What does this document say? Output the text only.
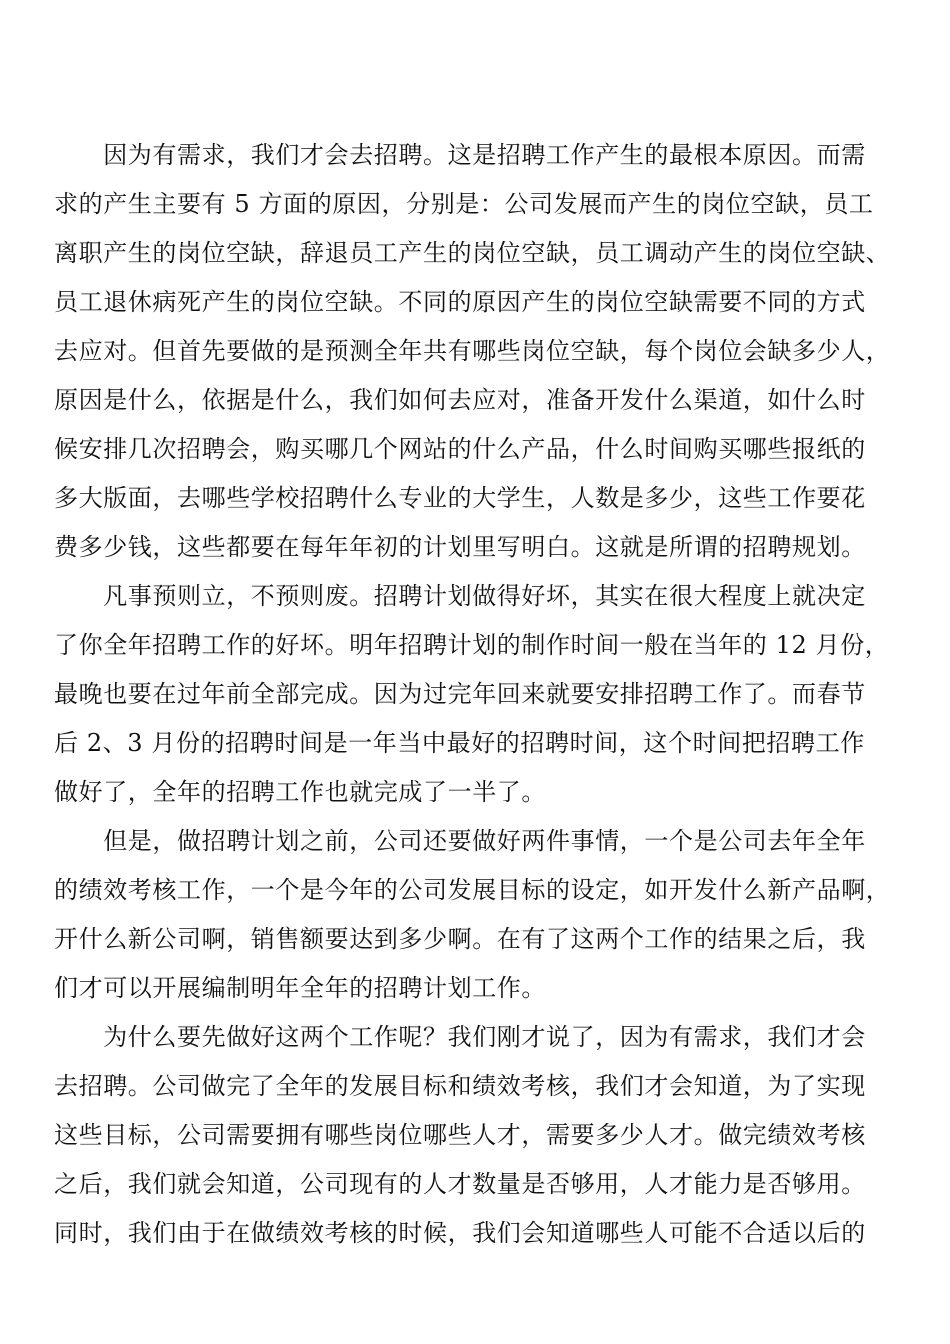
　　因为有需求，我们才会去招聘。这是招聘工作产生的最根本原因。而需
求的产生主要有 5 方面的原因，分别是：公司发展而产生的岗位空缺，员工
离职产生的岗位空缺，辞退员工产生的岗位空缺，员工调动产生的岗位空缺、
员工退休病死产生的岗位空缺。不同的原因产生的岗位空缺需要不同的方式
去应对。但首先要做的是预测全年共有哪些岗位空缺，每个岗位会缺多少人，
原因是什么，依据是什么，我们如何去应对，准备开发什么渠道，如什么时
候安排几次招聘会，购买哪几个网站的什么产品，什么时间购买哪些报纸的
多大版面，去哪些学校招聘什么专业的大学生，人数是多少，这些工作要花
费多少钱，这些都要在每年年初的计划里写明白。这就是所谓的招聘规划。
　　凡事预则立，不预则废。招聘计划做得好坏，其实在很大程度上就决定
了你全年招聘工作的好坏。明年招聘计划的制作时间一般在当年的 12 月份，
最晚也要在过年前全部完成。因为过完年回来就要安排招聘工作了。而春节
后 2、3 月份的招聘时间是一年当中最好的招聘时间，这个时间把招聘工作
做好了，全年的招聘工作也就完成了一半了。
　　但是，做招聘计划之前，公司还要做好两件事情，一个是公司去年全年
的绩效考核工作，一个是今年的公司发展目标的设定，如开发什么新产品啊，
开什么新公司啊，销售额要达到多少啊。在有了这两个工作的结果之后，我
们才可以开展编制明年全年的招聘计划工作。
　　为什么要先做好这两个工作呢？我们刚才说了，因为有需求，我们才会
去招聘。公司做完了全年的发展目标和绩效考核，我们才会知道，为了实现
这些目标，公司需要拥有哪些岗位哪些人才，需要多少人才。做完绩效考核
之后，我们就会知道，公司现有的人才数量是否够用，人才能力是否够用。
同时，我们由于在做绩效考核的时候，我们会知道哪些人可能不合适以后的
